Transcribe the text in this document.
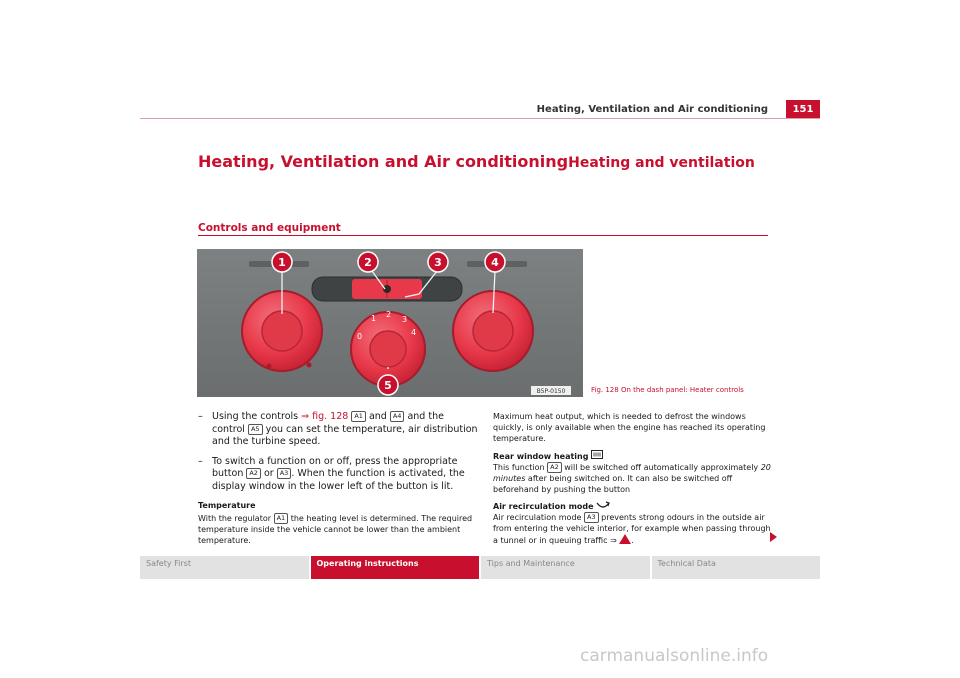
Heating, Ventilation and Air conditioning	151
Heating, Ventilation and Air conditioningHeating and ventilation
Controls and equipment
0
1 2
3
4
1	2	3	4
5	B5P-0150	Fig. 128 On the dash panel: Heater controls
– Using the controls ⇒ fig. 128 A1 and A4 and the control A5 you can set the temperature, air distribution and the turbine speed.
– To switch a function on or off, press the appropriate button A2 or A3 . When the function is activated, the display window in the lower left of the button is lit.
Temperature
With the regulator A1 the heating level is determined. The required temperature inside the vehicle cannot be lower than the ambient temperature.
Maximum heat output, which is needed to defrost the windows quickly, is only available when the engine has reached its operating temperature.
Rear window heating
This function A2 will be switched off automatically approximately 20 minutes after being switched on. It can also be switched off beforehand by pushing the button
Air recirculation mode
Air recirculation mode A3 prevents strong odours in the outside air from entering the vehicle interior, for example when passing through a tunnel or in queuing traffic ⇒ .
Safety First	Operating instructions	Tips and Maintenance	Technical Data
carmanualsonline.info
